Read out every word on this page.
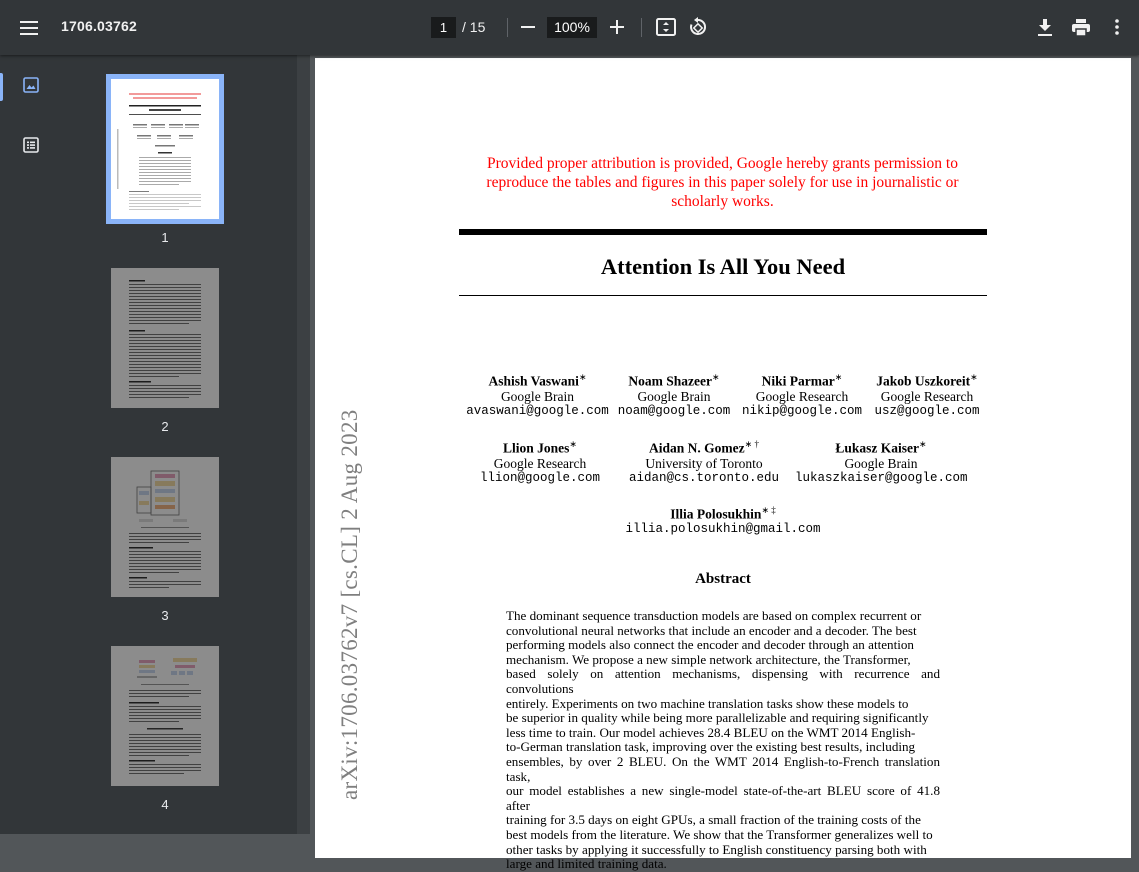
1706.03762	1	/ 15	100%
1
2
3
4
Provided proper attribution is provided, Google hereby grants permission to reproduce the tables and figures in this paper solely for use in journalistic or scholarly works.
Attention Is All You Need
arXiv:1706.03762v7 [cs.CL] 2 Aug 2023
Ashish Vaswani∗
Google Brain
avaswani@google.com
Noam Shazeer∗
Google Brain
noam@google.com
Niki Parmar∗
Google Research
nikip@google.com
Jakob Uszkoreit∗
Google Research
usz@google.com
Llion Jones∗
Google Research
llion@google.com
Aidan N. Gomez∗ †
University of Toronto
aidan@cs.toronto.edu
Łukasz Kaiser∗
Google Brain
lukaszkaiser@google.com
Illia Polosukhin∗ ‡
illia.polosukhin@gmail.com
Abstract
The dominant sequence transduction models are based on complex recurrent or
convolutional neural networks that include an encoder and a decoder. The best
performing models also connect the encoder and decoder through an attention
mechanism. We propose a new simple network architecture, the Transformer,
based solely on attention mechanisms, dispensing with recurrence and convolutions
entirely. Experiments on two machine translation tasks show these models to
be superior in quality while being more parallelizable and requiring significantly
less time to train. Our model achieves 28.4 BLEU on the WMT 2014 English-
to-German translation task, improving over the existing best results, including
ensembles, by over 2 BLEU. On the WMT 2014 English-to-French translation task,
our model establishes a new single-model state-of-the-art BLEU score of 41.8 after
training for 3.5 days on eight GPUs, a small fraction of the training costs of the
best models from the literature. We show that the Transformer generalizes well to
other tasks by applying it successfully to English constituency parsing both with
large and limited training data.
